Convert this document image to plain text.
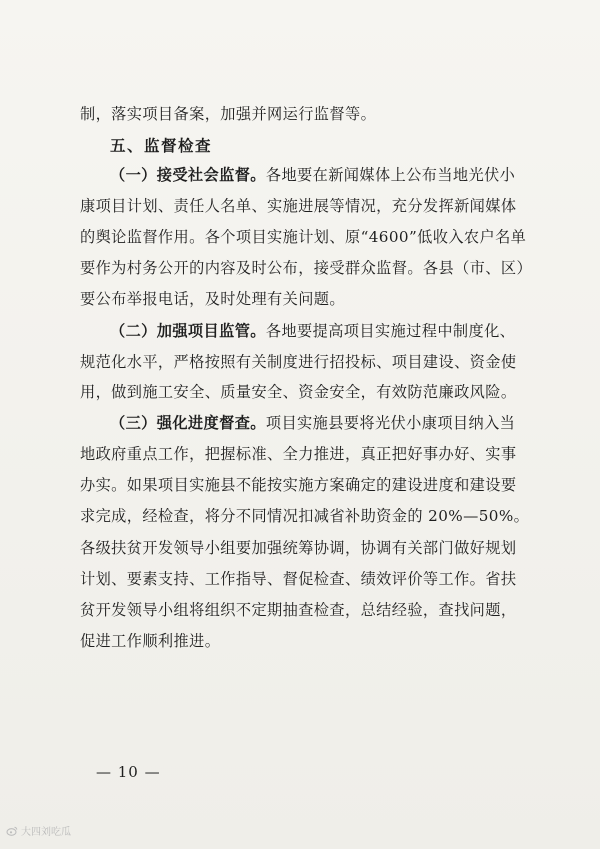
制，落实项目备案，加强并网运行监督等。
五、监督检查
（一）接受社会监督。各地要在新闻媒体上公布当地光伏小
康项目计划、责任人名单、实施进展等情况，充分发挥新闻媒体
的舆论监督作用。各个项目实施计划、原“4600”低收入农户名单
要作为村务公开的内容及时公布，接受群众监督。各县（市、区）
要公布举报电话，及时处理有关问题。
（二）加强项目监管。各地要提高项目实施过程中制度化、
规范化水平，严格按照有关制度进行招投标、项目建设、资金使
用，做到施工安全、质量安全、资金安全，有效防范廉政风险。
（三）强化进度督查。项目实施县要将光伏小康项目纳入当
地政府重点工作，把握标准、全力推进，真正把好事办好、实事
办实。如果项目实施县不能按实施方案确定的建设进度和建设要
求完成，经检查，将分不同情况扣减省补助资金的 20%—50%。
各级扶贫开发领导小组要加强统筹协调，协调有关部门做好规划
计划、要素支持、工作指导、督促检查、绩效评价等工作。省扶
贫开发领导小组将组织不定期抽查检查，总结经验，查找问题，
促进工作顺利推进。
— 10 —
大四刘吃瓜
